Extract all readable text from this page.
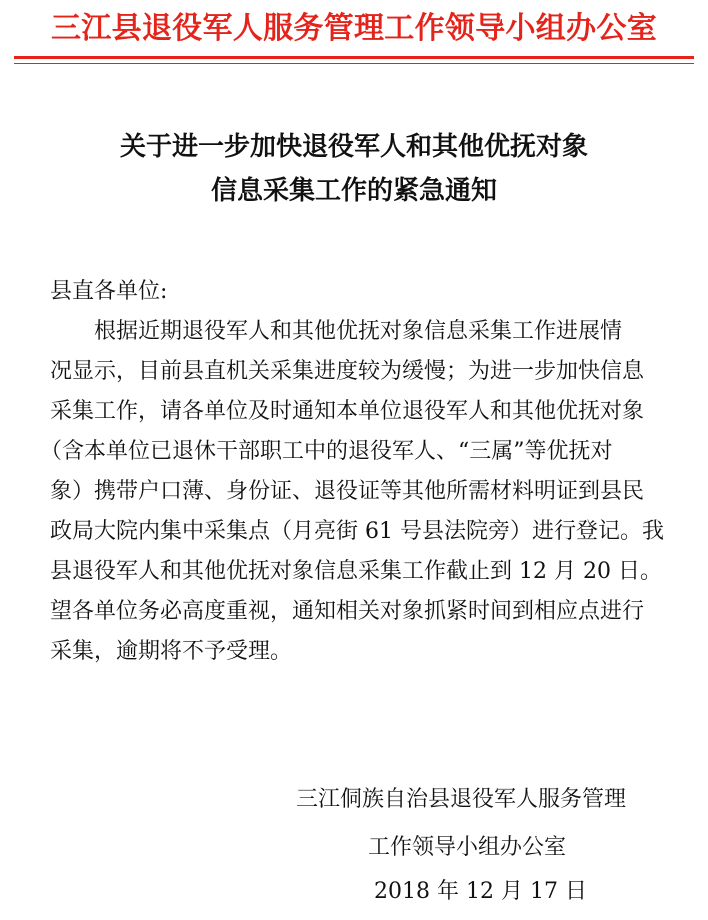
三江县退役军人服务管理工作领导小组办公室
关于进一步加快退役军人和其他优抚对象
信息采集工作的紧急通知
县直各单位:
根据近期退役军人和其他优抚对象信息采集工作进展情
况显示，目前县直机关采集进度较为缓慢；为进一步加快信息
采集工作，请各单位及时通知本单位退役军人和其他优抚对象
（含本单位已退休干部职工中的退役军人、“三属”等优抚对
象）携带户口薄、身份证、退役证等其他所需材料明证到县民
政局大院内集中采集点（月亮街 61 号县法院旁）进行登记。我
县退役军人和其他优抚对象信息采集工作截止到 12 月 20 日。
望各单位务必高度重视，通知相关对象抓紧时间到相应点进行
采集，逾期将不予受理。
三江侗族自治县退役军人服务管理
工作领导小组办公室
2018 年 12 月 17 日
